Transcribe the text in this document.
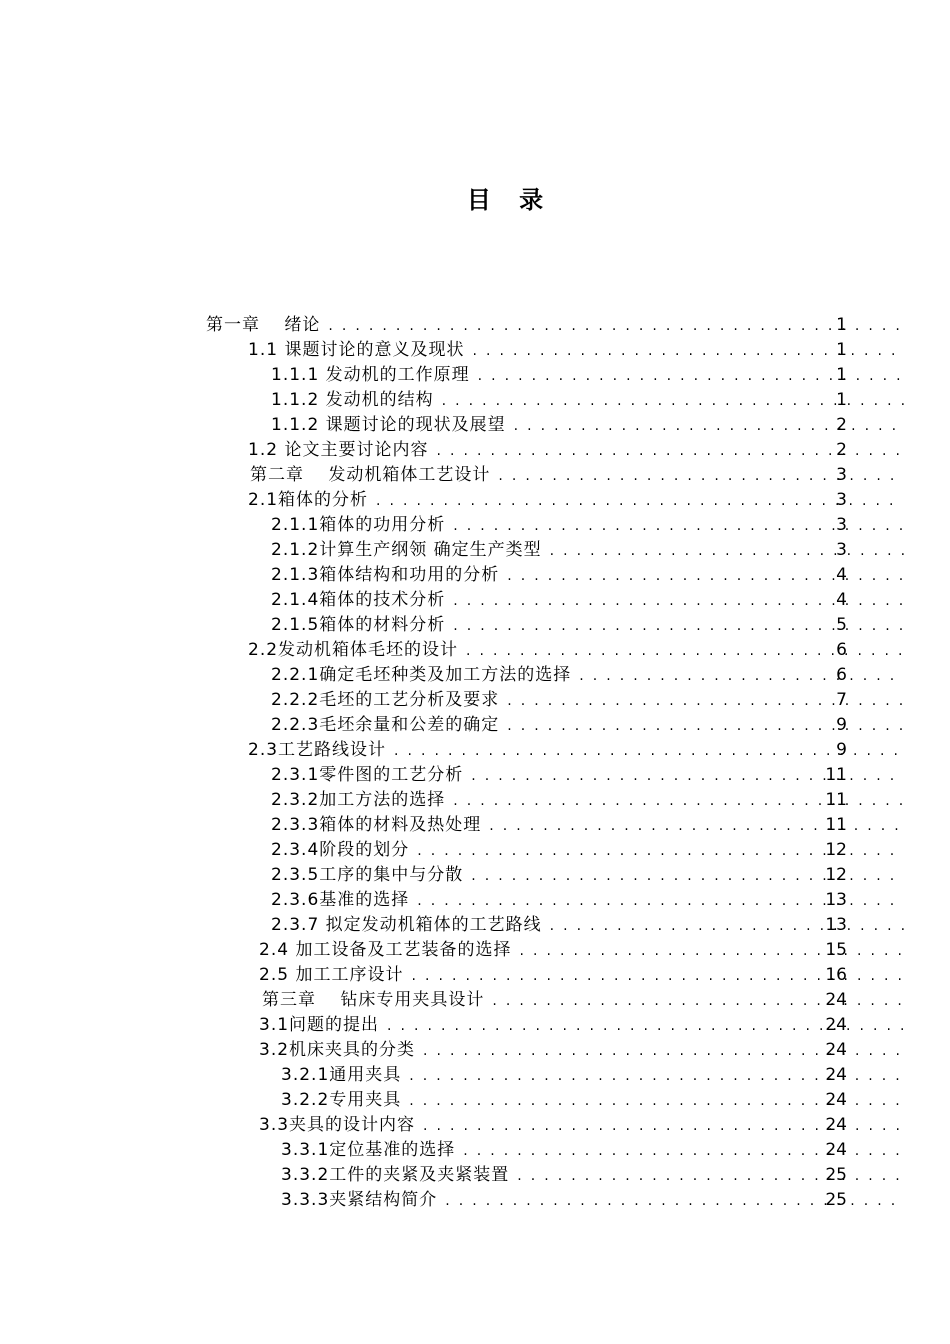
目 录
第一章　 绪论 . . .	1
1.1 课题讨论的意义及现状 . . .	1
1.1.1 发动机的工作原理 . . .	1
1.1.2 发动机的结构 . . .	1
1.1.2 课题讨论的现状及展望 . . .	2
1.2 论文主要讨论内容 . . .	2
第二章　 发动机箱体工艺设计 . . .	3
2.1箱体的分析 . . .	3
2.1.1箱体的功用分析 . . .	3
2.1.2计算生产纲领 确定生产类型 . . .	3
2.1.3箱体结构和功用的分析 . . .	4
2.1.4箱体的技术分析 . . .	4
2.1.5箱体的材料分析 . . .	5
2.2发动机箱体毛坯的设计 . . .	6
2.2.1确定毛坯种类及加工方法的选择 . . .	6
2.2.2毛坯的工艺分析及要求 . . .	7
2.2.3毛坯余量和公差的确定 . . .	9
2.3工艺路线设计 . . .	9
2.3.1零件图的工艺分析 . . .	11
2.3.2加工方法的选择 . . .	11
2.3.3箱体的材料及热处理 . . .	11
2.3.4阶段的划分 . . .	12
2.3.5工序的集中与分散 . . .	12
2.3.6基准的选择 . . .	13
2.3.7 拟定发动机箱体的工艺路线 . . .	13
2.4 加工设备及工艺装备的选择 . . .	15
2.5 加工工序设计 . . .	16
第三章　 钻床专用夹具设计 . . .	24
3.1问题的提出 . . .	24
3.2机床夹具的分类 . . .	24
3.2.1通用夹具 . . .	24
3.2.2专用夹具 . . .	24
3.3夹具的设计内容 . . .	24
3.3.1定位基准的选择 . . .	24
3.3.2工件的夹紧及夹紧装置 . . .	25
3.3.3夹紧结构简介 . . .	25
